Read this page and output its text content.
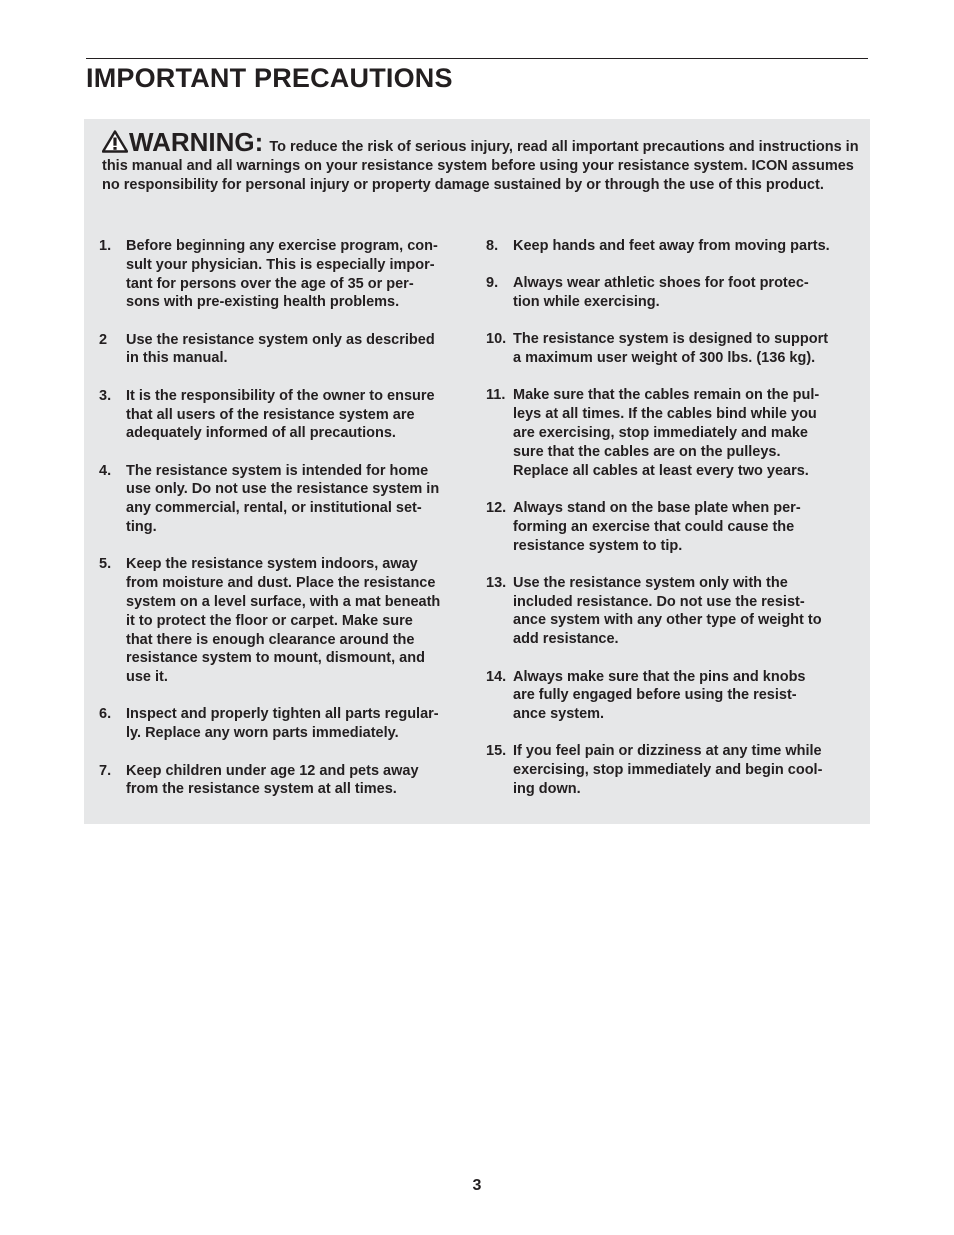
IMPORTANT PRECAUTIONS

WARNING: To reduce the risk of serious injury, read all important precautions and instructions in this manual and all warnings on your resistance system before using your resistance system. ICON assumes no responsibility for personal injury or property damage sustained by or through the use of this product.

1.	Before beginning any exercise program, con-
sult your physician. This is especially impor-
tant for persons over the age of 35 or per-
sons with pre-existing health problems.
2	Use the resistance system only as described
in this manual.
3.	It is the responsibility of the owner to ensure
that all users of the resistance system are
adequately informed of all precautions.
4.	The resistance system is intended for home
use only. Do not use the resistance system in
any commercial, rental, or institutional set-
ting.
5.	Keep the resistance system indoors, away
from moisture and dust. Place the resistance
system on a level surface, with a mat beneath
it to protect the floor or carpet. Make sure
that there is enough clearance around the
resistance system to mount, dismount, and
use it.
6.	Inspect and properly tighten all parts regular-
ly. Replace any worn parts immediately.
7.	Keep children under age 12 and pets away
from the resistance system at all times.
8.	Keep hands and feet away from moving parts.
9.	Always wear athletic shoes for foot protec-
tion while exercising.
10. The resistance system is designed to support
a maximum user weight of 300 lbs. (136 kg).
11. Make sure that the cables remain on the pul-
leys at all times. If the cables bind while you
are exercising, stop immediately and make
sure that the cables are on the pulleys.
Replace all cables at least every two years.
12. Always stand on the base plate when per-
forming an exercise that could cause the
resistance system to tip.
13. Use the resistance system only with the
included resistance. Do not use the resist-
ance system with any other type of weight to
add resistance.
14. Always make sure that the pins and knobs
are fully engaged before using the resist-
ance system.
15. If you feel pain or dizziness at any time while
exercising, stop immediately and begin cool-
ing down.
3
